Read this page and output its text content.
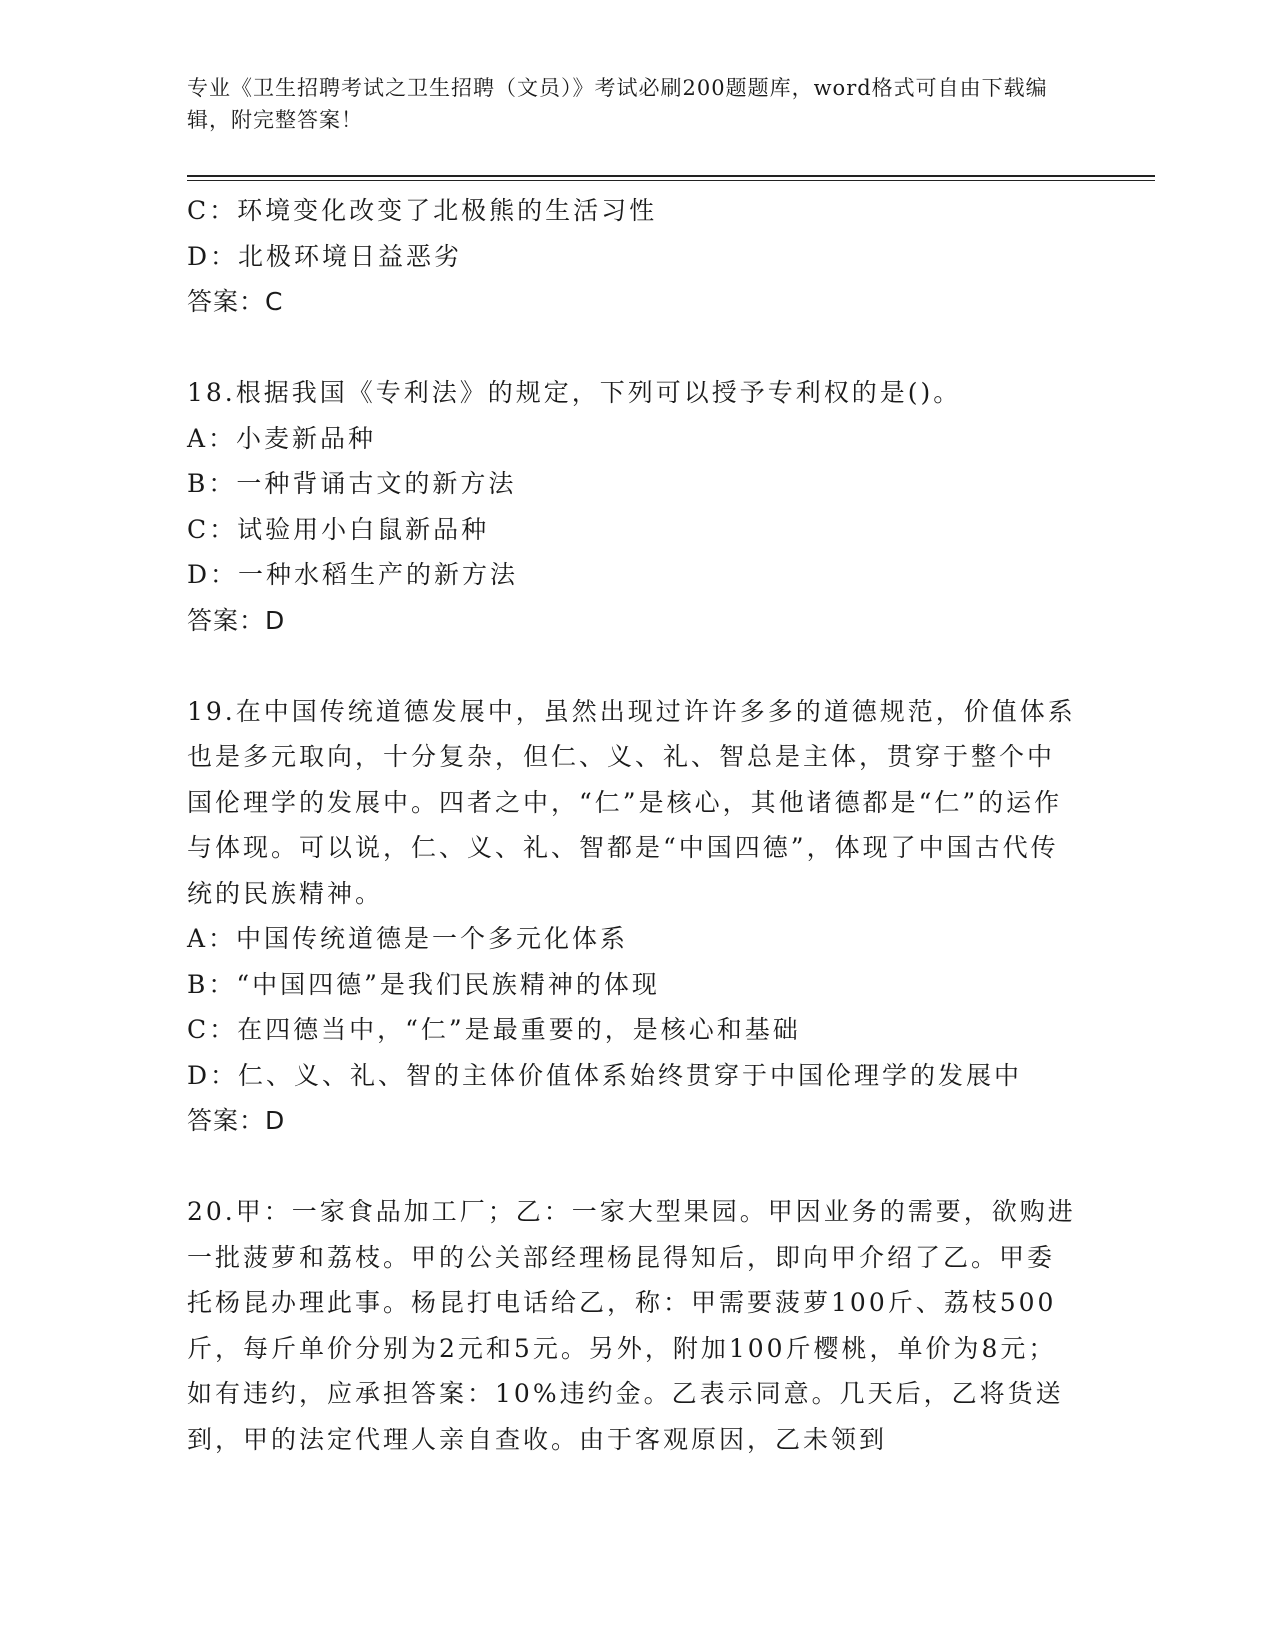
专业《卫生招聘考试之卫生招聘（文员）》考试必刷200题题库，word格式可自由下载编辑，附完整答案！

C：环境变化改变了北极熊的生活习性

D：北极环境日益恶劣

答案：C

18.根据我国《专利法》的规定，下列可以授予专利权的是()。

A：小麦新品种

B：一种背诵古文的新方法

C：试验用小白鼠新品种

D：一种水稻生产的新方法

答案：D

19.在中国传统道德发展中，虽然出现过许许多多的道德规范，价值体系也是多元取向，十分复杂，但仁、义、礼、智总是主体，贯穿于整个中国伦理学的发展中。四者之中，“仁”是核心，其他诸德都是“仁”的运作与体现。可以说，仁、义、礼、智都是“中国四德”，体现了中国古代传统的民族精神。

A：中国传统道德是一个多元化体系

B：“中国四德”是我们民族精神的体现

C：在四德当中，“仁”是最重要的，是核心和基础

D：仁、义、礼、智的主体价值体系始终贯穿于中国伦理学的发展中

答案：D

20.甲：一家食品加工厂；乙：一家大型果园。甲因业务的需要，欲购进一批菠萝和荔枝。甲的公关部经理杨昆得知后，即向甲介绍了乙。甲委托杨昆办理此事。杨昆打电话给乙，称：甲需要菠萝100斤、荔枝500斤，每斤单价分别为2元和5元。另外，附加100斤樱桃，单价为8元；如有违约，应承担答案：10%违约金。乙表示同意。几天后，乙将货送到，甲的法定代理人亲自查收。由于客观原因，乙未领到
